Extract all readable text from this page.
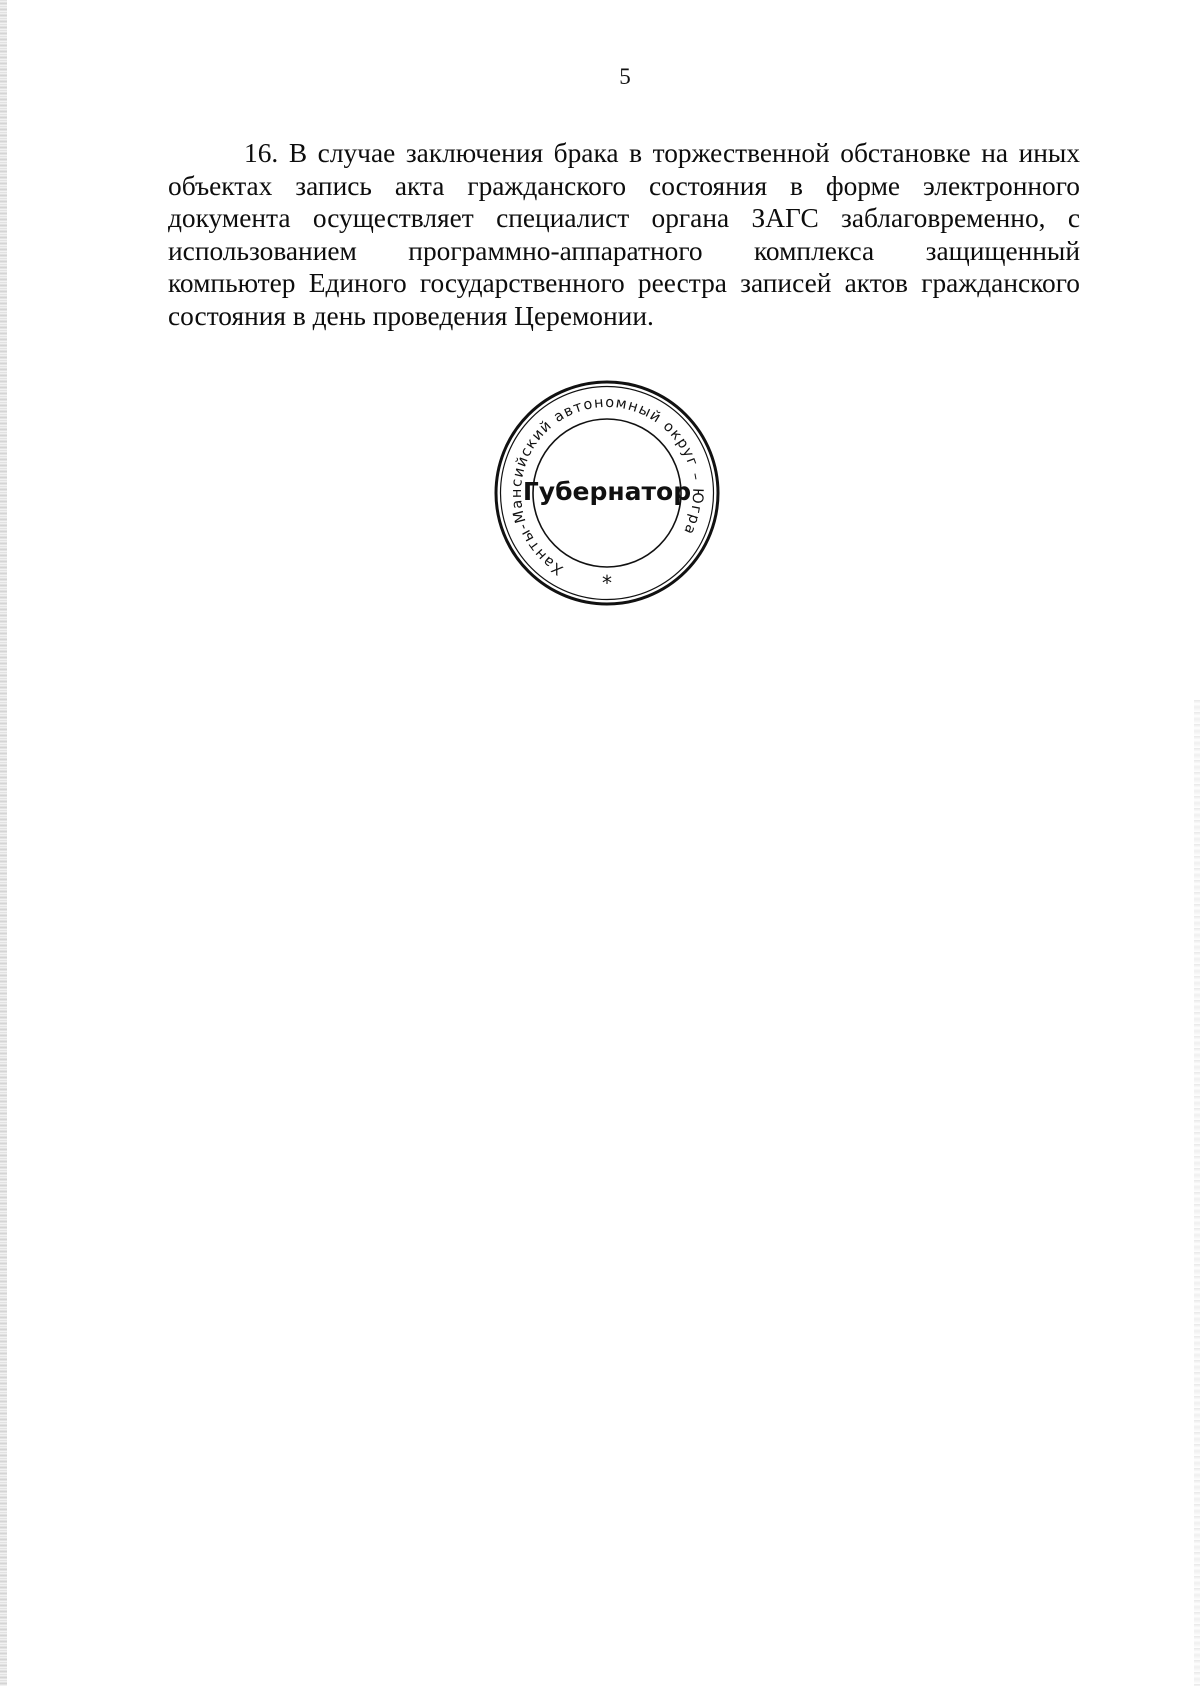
5

16. В случае заключения брака в торжественной обстановке на иных объектах запись акта гражданского состояния в форме электронного документа осуществляет специалист органа ЗАГС заблаговременно, с использованием программно-аппаратного комплекса защищенный компьютер Единого государственного реестра записей актов гражданского состояния в день проведения Церемонии.

Ханты-Мансийский автономный округ – Югра
Губернатор
*
